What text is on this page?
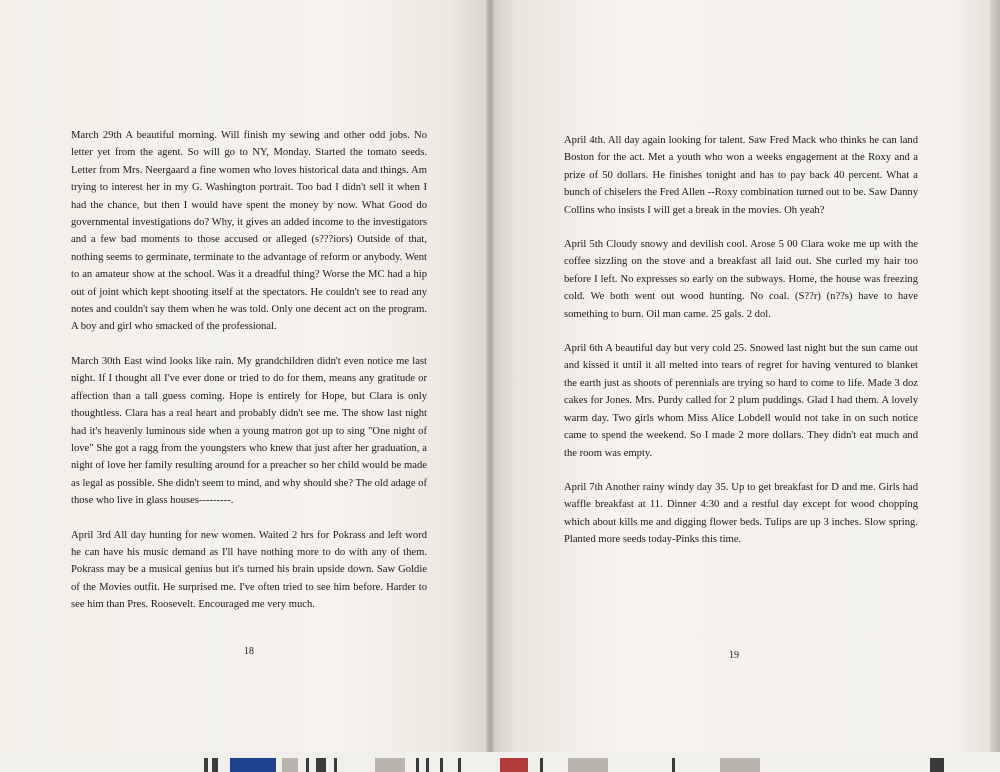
March 29th A beautiful morning. Will finish my sewing and other odd jobs. No letter yet from the agent. So will go to NY, Monday. Started the tomato seeds. Letter from Mrs. Neergaard a fine women who loves historical data and things. Am trying to interest her in my G. Washington portrait. Too bad I didn't sell it when I had the chance, but then I would have spent the money by now. What Good do governmental investigations do? Why, it gives an added income to the investigators and a few bad moments to those accused or alleged (s???iors) Outside of that, nothing seems to germinate, terminate to the advantage of reform or anybody. Went to an amateur show at the school. Was it a dreadful thing? Worse the MC had a hip out of joint which kept shooting itself at the spectators. He couldn't see to read any notes and couldn't say them when he was told. Only one decent act on the program. A boy and girl who smacked of the professional.

March 30th East wind looks like rain. My grandchildren didn't even notice me last night. If I thought all I've ever done or tried to do for them, means any gratitude or affection than a tall guess coming. Hope is entirely for Hope, but Clara is only thoughtless. Clara has a real heart and probably didn't see me. The show last night had it's heavenly luminous side when a young matron got up to sing "One night of love" She got a ragg from the youngsters who knew that just after her graduation, a night of love her family resulting around for a preacher so her child would be made as legal as possible. She didn't seem to mind, and why should she? The old adage of those who live in glass houses---------.

April 3rd All day hunting for new women. Waited 2 hrs for Pokrass and left word he can have his music demand as I'll have nothing more to do with any of them. Pokrass may be a musical genius but it's turned his brain upside down. Saw Goldie of the Movies outfit. He surprised me. I've often tried to see him before. Harder to see him than Pres. Roosevelt. Encouraged me very much.

18

April 4th. All day again looking for talent. Saw Fred Mack who thinks he can land Boston for the act. Met a youth who won a weeks engagement at the Roxy and a prize of 50 dollars. He finishes tonight and has to pay back 40 percent. What a bunch of chiselers the Fred Allen --Roxy combination turned out to be. Saw Danny Collins who insists I will get a break in the movies. Oh yeah?

April 5th Cloudy snowy and devilish cool. Arose 5 00 Clara woke me up with the coffee sizzling on the stove and a breakfast all laid out. She curled my hair too before I left. No expresses so early on the subways. Home, the house was freezing cold. We both went out wood hunting. No coal. (S??r) (n??s) have to have something to burn. Oil man came. 25 gals. 2 dol.

April 6th A beautiful day but very cold 25. Snowed last night but the sun came out and kissed it until it all melted into tears of regret for having ventured to blanket the earth just as shoots of perennials are trying so hard to come to life. Made 3 doz cakes for Jones. Mrs. Purdy called for 2 plum puddings. Glad I had them. A lovely warm day. Two girls whom Miss Alice Lobdell would not take in on such notice came to spend the weekend. So I made 2 more dollars. They didn't eat much and the room was empty.

April 7th Another rainy windy day 35. Up to get breakfast for D and me. Girls had waffle breakfast at 11. Dinner 4:30 and a restful day except for wood chopping which about kills me and digging flower beds. Tulips are up 3 inches. Slow spring. Planted more seeds today-Pinks this time.

19
